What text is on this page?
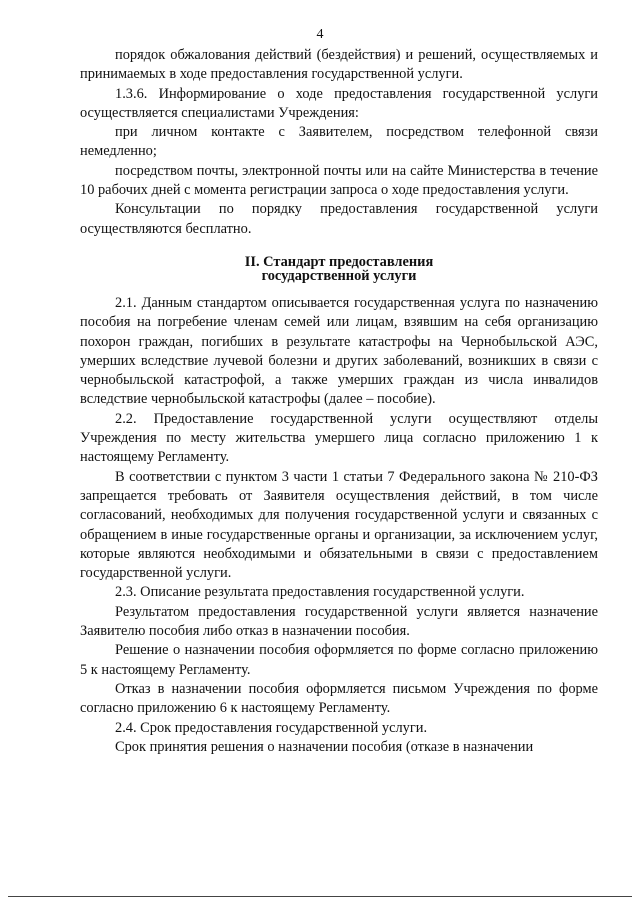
4

порядок обжалования действий (бездействия) и решений, осуществляемых и принимаемых в ходе предоставления государственной услуги.

1.3.6. Информирование о ходе предоставления государственной услуги осуществляется специалистами Учреждения:

при личном контакте с Заявителем, посредством телефонной связи немедленно;

посредством почты, электронной почты или на сайте Министерства в течение 10 рабочих дней с момента регистрации запроса о ходе предоставления услуги.

Консультации по порядку предоставления государственной услуги осуществляются бесплатно.

II. Стандарт предоставления
государственной услуги

2.1. Данным стандартом описывается государственная услуга по назначению пособия на погребение членам семей или лицам, взявшим на себя организацию похорон граждан, погибших в результате катастрофы на Чернобыльской АЭС, умерших вследствие лучевой болезни и других заболеваний, возникших в связи с чернобыльской катастрофой, а также умерших граждан из числа инвалидов вследствие чернобыльской катастрофы (далее – пособие).

2.2. Предоставление государственной услуги осуществляют отделы Учреждения по месту жительства умершего лица согласно приложению 1 к настоящему Регламенту.

В соответствии с пунктом 3 части 1 статьи 7 Федерального закона № 210-ФЗ запрещается требовать от Заявителя осуществления действий, в том числе согласований, необходимых для получения государственной услуги и связанных с обращением в иные государственные органы и организации, за исключением услуг, которые являются необходимыми и обязательными в связи с предоставлением государственной услуги.

2.3. Описание результата предоставления государственной услуги.

Результатом предоставления государственной услуги является назначение Заявителю пособия либо отказ в назначении пособия.

Решение о назначении пособия оформляется по форме согласно приложению 5 к настоящему Регламенту.

Отказ в назначении пособия оформляется письмом Учреждения по форме согласно приложению 6 к настоящему Регламенту.

2.4. Срок предоставления государственной услуги.

Срок принятия решения о назначении пособия (отказе в назначении
